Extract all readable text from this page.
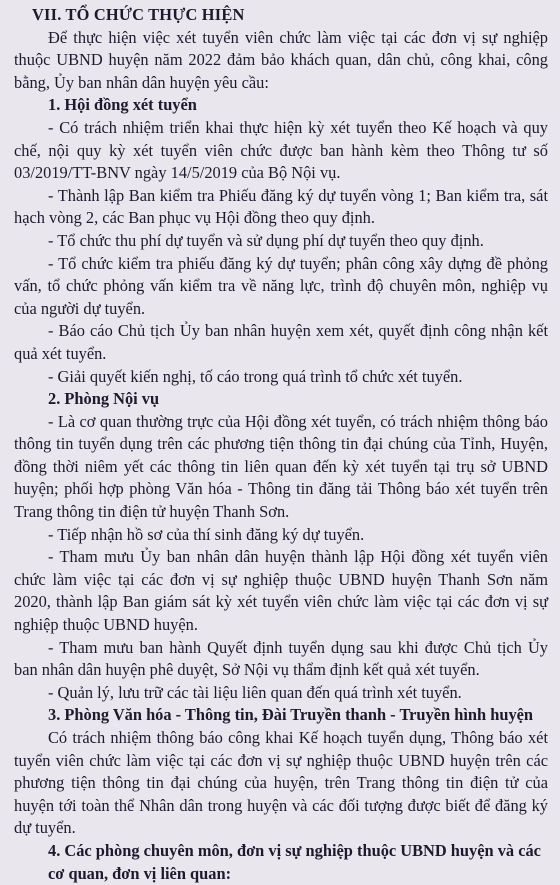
VII. TỔ CHỨC THỰC HIỆN

Để thực hiện việc xét tuyển viên chức làm việc tại các đơn vị sự nghiệp thuộc UBND huyện năm 2022 đảm bảo khách quan, dân chủ, công khai, công bằng, Ủy ban nhân dân huyện yêu cầu:

1. Hội đồng xét tuyển

- Có trách nhiệm triển khai thực hiện kỳ xét tuyển theo Kế hoạch và quy chế, nội quy kỳ xét tuyển viên chức được ban hành kèm theo Thông tư số 03/2019/TT-BNV ngày 14/5/2019 của Bộ Nội vụ.

- Thành lập Ban kiểm tra Phiếu đăng ký dự tuyển vòng 1; Ban kiểm tra, sát hạch vòng 2, các Ban phục vụ Hội đồng theo quy định.

- Tổ chức thu phí dự tuyển và sử dụng phí dự tuyển theo quy định.

- Tổ chức kiểm tra phiếu đăng ký dự tuyển; phân công xây dựng đề phỏng vấn, tổ chức phỏng vấn kiểm tra về năng lực, trình độ chuyên môn, nghiệp vụ của người dự tuyển.

- Báo cáo Chủ tịch Ủy ban nhân huyện xem xét, quyết định công nhận kết quả xét tuyển.

- Giải quyết kiến nghị, tố cáo trong quá trình tổ chức xét tuyển.

2. Phòng Nội vụ

- Là cơ quan thường trực của Hội đồng xét tuyển, có trách nhiệm thông báo thông tin tuyển dụng trên các phương tiện thông tin đại chúng của Tỉnh, Huyện, đồng thời niêm yết các thông tin liên quan đến kỳ xét tuyển tại trụ sở UBND huyện; phối hợp phòng Văn hóa - Thông tin đăng tải Thông báo xét tuyển trên Trang thông tin điện tử huyện Thanh Sơn.

- Tiếp nhận hồ sơ của thí sinh đăng ký dự tuyển.

- Tham mưu Ủy ban nhân dân huyện thành lập Hội đồng xét tuyển viên chức làm việc tại các đơn vị sự nghiệp thuộc UBND huyện Thanh Sơn năm 2020, thành lập Ban giám sát kỳ xét tuyển viên chức làm việc tại các đơn vị sự nghiệp thuộc UBND huyện.

- Tham mưu ban hành Quyết định tuyển dụng sau khi được Chủ tịch Ủy ban nhân dân huyện phê duyệt, Sở Nội vụ thẩm định kết quả xét tuyển.

- Quản lý, lưu trữ các tài liệu liên quan đến quá trình xét tuyển.

3. Phòng Văn hóa - Thông tin, Đài Truyền thanh - Truyền hình huyện

Có trách nhiệm thông báo công khai Kế hoạch tuyển dụng, Thông báo xét tuyển viên chức làm việc tại các đơn vị sự nghiệp thuộc UBND huyện trên các phương tiện thông tin đại chúng của huyện, trên Trang thông tin điện tử của huyện tới toàn thể Nhân dân trong huyện và các đối tượng được biết để đăng ký dự tuyển.

4. Các phòng chuyên môn, đơn vị sự nghiệp thuộc UBND huyện và các cơ quan, đơn vị liên quan:
